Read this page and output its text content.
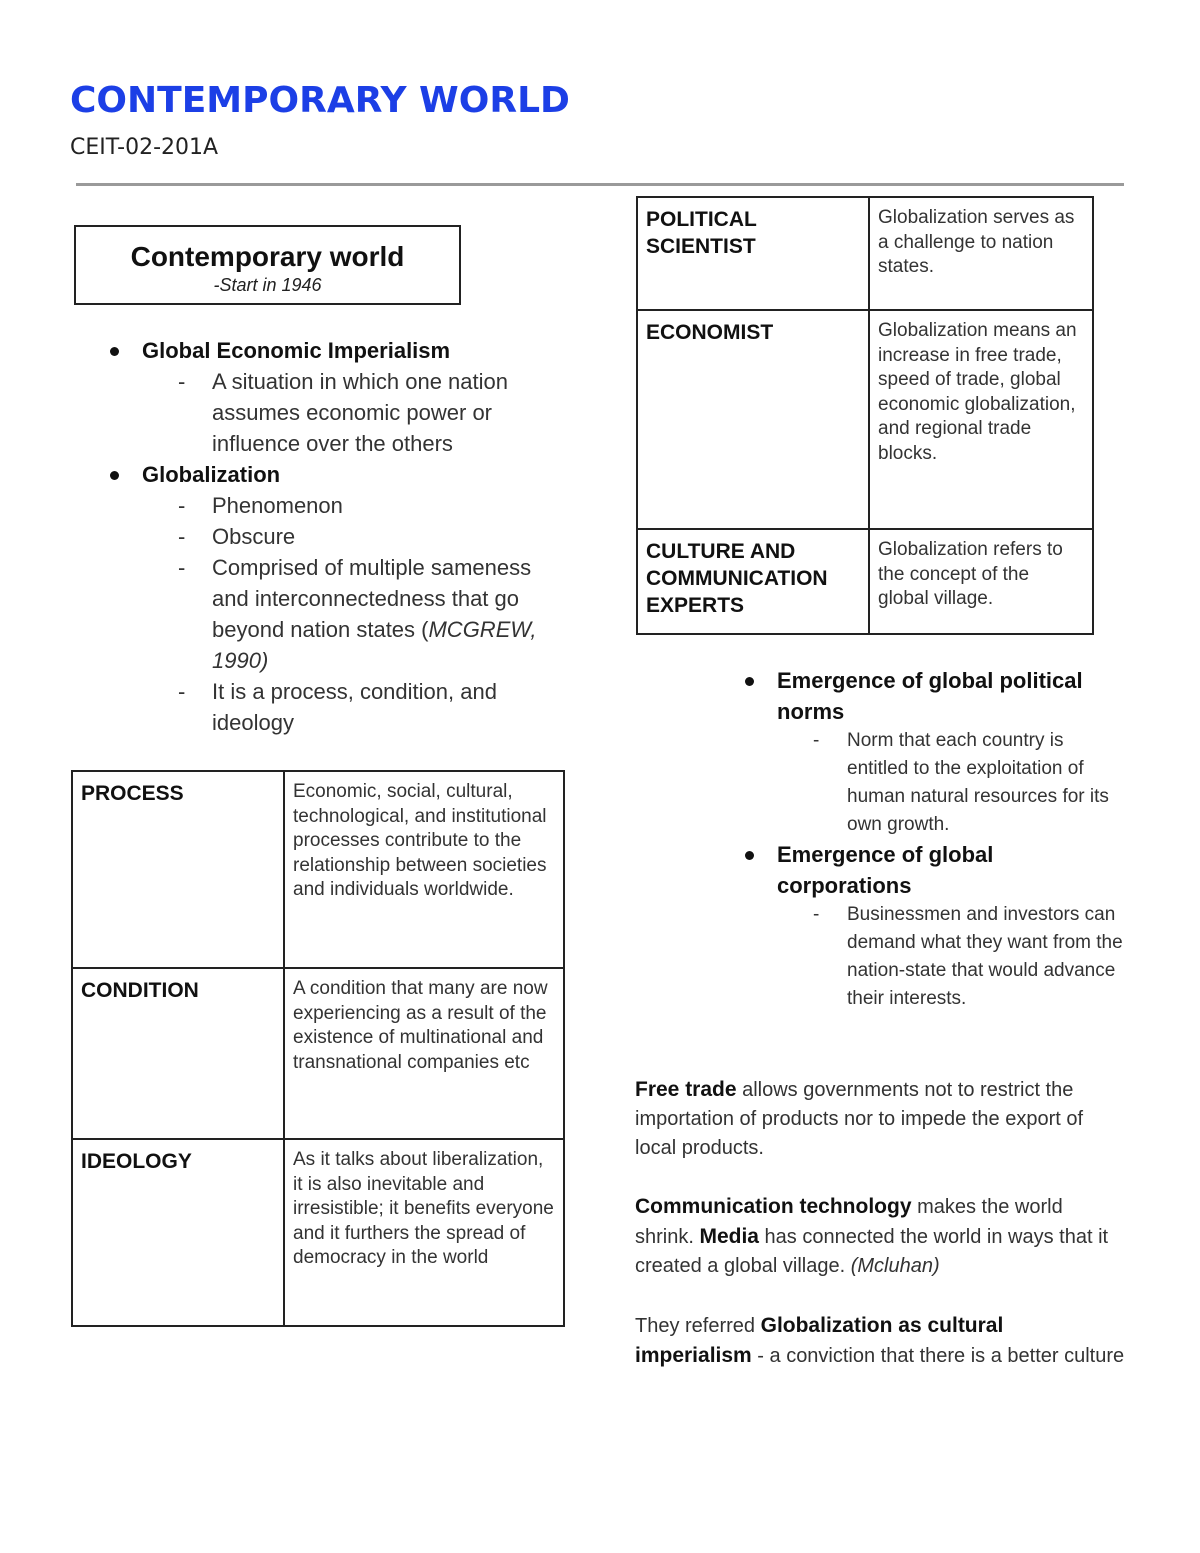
CONTEMPORARY WORLD
CEIT-02-201A
Contemporary world
-Start in 1946
Global Economic Imperialism
- A situation in which one nation assumes economic power or influence over the others
Globalization
- Phenomenon
- Obscure
- Comprised of multiple sameness and interconnectedness that go beyond nation states (MCGREW, 1990)
- It is a process, condition, and ideology
PROCESS	Economic, social, cultural, technological, and institutional processes contribute to the relationship between societies and individuals worldwide.
CONDITION	A condition that many are now experiencing as a result of the existence of multinational and transnational companies etc
IDEOLOGY	As it talks about liberalization, it is also inevitable and irresistible; it benefits everyone and it furthers the spread of democracy in the world
POLITICAL SCIENTIST	Globalization serves as a challenge to nation states.
ECONOMIST	Globalization means an increase in free trade, speed of trade, global economic globalization, and regional trade blocks.
CULTURE AND COMMUNICATION EXPERTS	Globalization refers to the concept of the global village.
Emergence of global political norms
- Norm that each country is entitled to the exploitation of human natural resources for its own growth.
Emergence of global corporations
- Businessmen and investors can demand what they want from the nation-state that would advance their interests.
Free trade allows governments not to restrict the importation of products nor to impede the export of local products.
Communication technology makes the world shrink. Media has connected the world in ways that it created a global village. (Mcluhan)
They referred Globalization as cultural imperialism - a conviction that there is a better culture
